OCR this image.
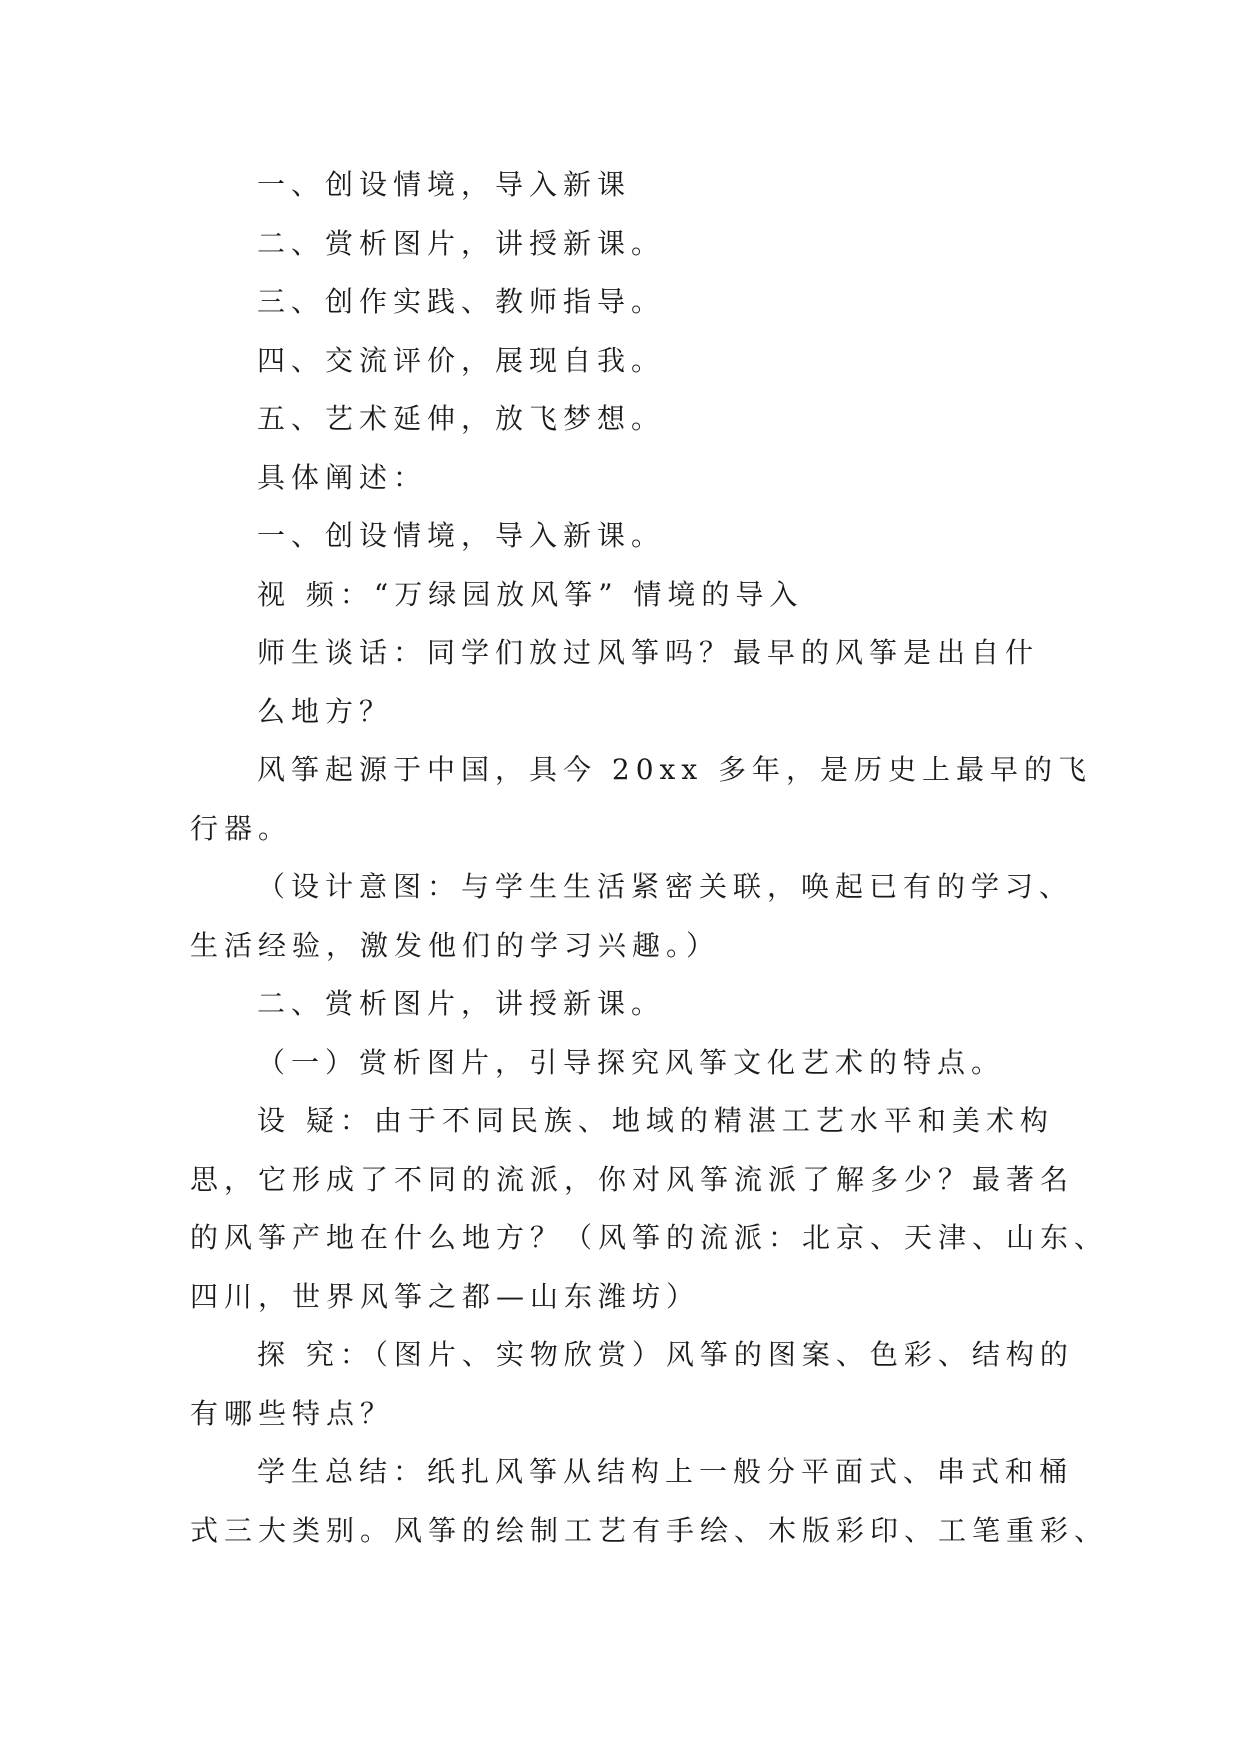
一、创设情境，导入新课
二、赏析图片，讲授新课。
三、创作实践、教师指导。
四、交流评价，展现自我。
五、艺术延伸，放飞梦想。
具体阐述：
一、创设情境，导入新课。
视 频：“万绿园放风筝” 情境的导入
师生谈话：同学们放过风筝吗？最早的风筝是出自什
么地方？
风筝起源于中国，具今 20xx 多年，是历史上最早的飞
行器。
（设计意图：与学生生活紧密关联，唤起已有的学习、
生活经验，激发他们的学习兴趣。）
二、赏析图片，讲授新课。
（一）赏析图片，引导探究风筝文化艺术的特点。
设 疑：由于不同民族、地域的精湛工艺水平和美术构
思，它形成了不同的流派，你对风筝流派了解多少？最著名
的风筝产地在什么地方？（风筝的流派：北京、天津、山东、
四川，世界风筝之都—山东潍坊）
探 究：（图片、实物欣赏）风筝的图案、色彩、结构的
有哪些特点？
学生总结：纸扎风筝从结构上一般分平面式、串式和桶
式三大类别。风筝的绘制工艺有手绘、木版彩印、工笔重彩、
